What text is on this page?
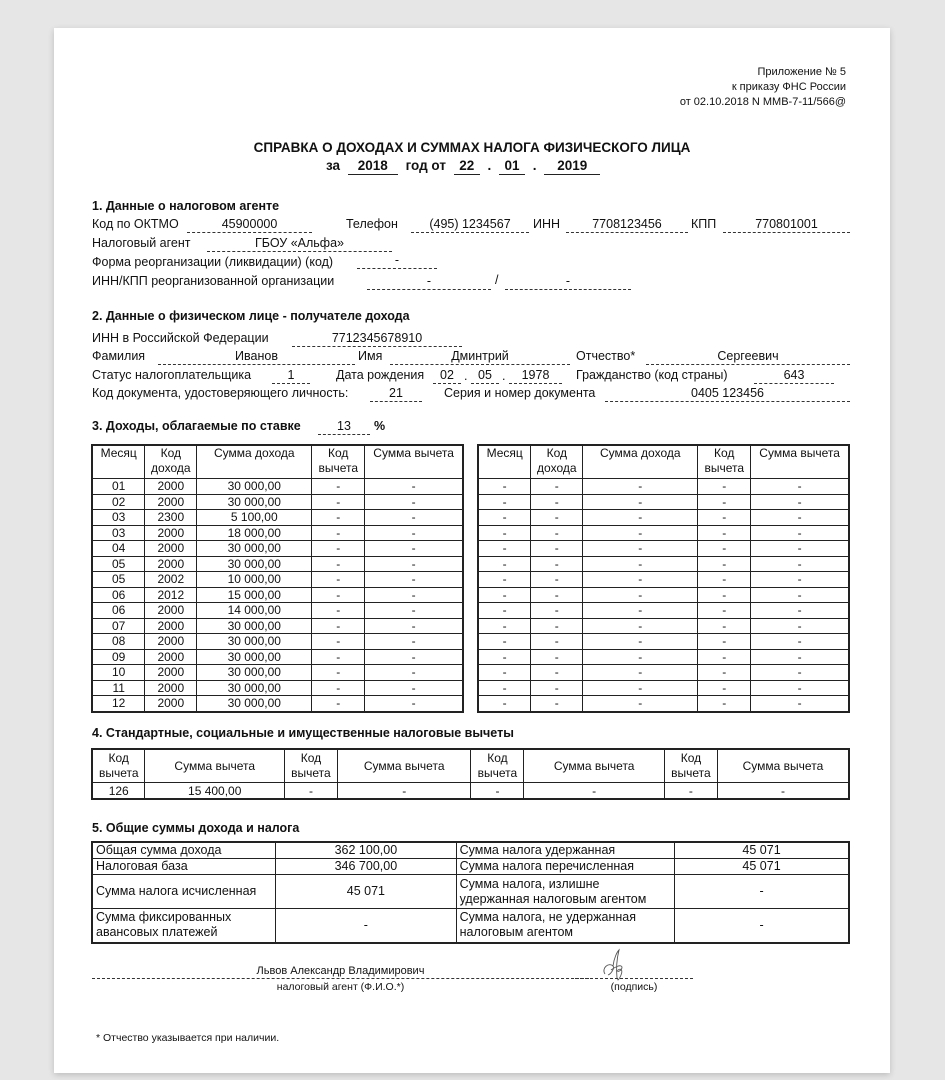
Приложение № 5
к приказу ФНС России
от 02.10.2018 N ММВ-7-11/566@
СПРАВКА О ДОХОДАХ И СУММАХ НАЛОГА ФИЗИЧЕСКОГО ЛИЦА
за 2018 год от 22 . 01 . 2019
1. Данные о налоговом агенте
Код по ОКТМО	45900000	Телефон	(495) 1234567	ИНН	7708123456	КПП	770801001
Налоговый агент	ГБОУ «Альфа»
Форма реорганизации (ликвидации) (код)	-
ИНН/КПП реорганизованной организации	-	/	-
2. Данные о физическом лице - получателе дохода
ИНН в Российской Федерации	7712345678910
Фамилия	Иванов	Имя	Дминтрий	Отчество*	Сергеевич
Статус налогоплательщика	1	Дата рождения	02 . 05 .	1978	Гражданство (код страны)	643
Код документа, удостоверяющего личность:	21	Серия и номер документа	0405 123456
3. Доходы, облагаемые по ставке	13	%
Месяц	Код дохода	Сумма дохода	Код вычета	Сумма вычета
01	2000	30 000,00	-	-
02	2000	30 000,00	-	-
03	2300	5 100,00	-	-
03	2000	18 000,00	-	-
04	2000	30 000,00	-	-
05	2000	30 000,00	-	-
05	2002	10 000,00	-	-
06	2012	15 000,00	-	-
06	2000	14 000,00	-	-
07	2000	30 000,00	-	-
08	2000	30 000,00	-	-
09	2000	30 000,00	-	-
10	2000	30 000,00	-	-
11	2000	30 000,00	-	-
12	2000	30 000,00	-	-
Месяц	Код дохода	Сумма дохода	Код вычета	Сумма вычета
-	-	-	-	-
-	-	-	-	-
-	-	-	-	-
-	-	-	-	-
-	-	-	-	-
-	-	-	-	-
-	-	-	-	-
-	-	-	-	-
-	-	-	-	-
-	-	-	-	-
-	-	-	-	-
-	-	-	-	-
-	-	-	-	-
-	-	-	-	-
-	-	-	-	-
4. Стандартные, социальные и имущественные налоговые вычеты
Код вычета	Сумма вычета	Код вычета	Сумма вычета	Код вычета	Сумма вычета	Код вычета	Сумма вычета
126	15 400,00	-	-	-	-	-	-
5. Общие суммы дохода и налога
Общая сумма дохода	362 100,00	Сумма налога удержанная	45 071
Налоговая база	346 700,00	Сумма налога перечисленная	45 071
Сумма налога исчисленная	45 071	Сумма налога, излишне удержанная налоговым агентом	-
Сумма фиксированных авансовых платежей	-	Сумма налога, не удержанная налоговым агентом	-
Львов Александр Владимирович
налоговый агент (Ф.И.О.*)	(подпись)
* Отчество указывается при наличии.
